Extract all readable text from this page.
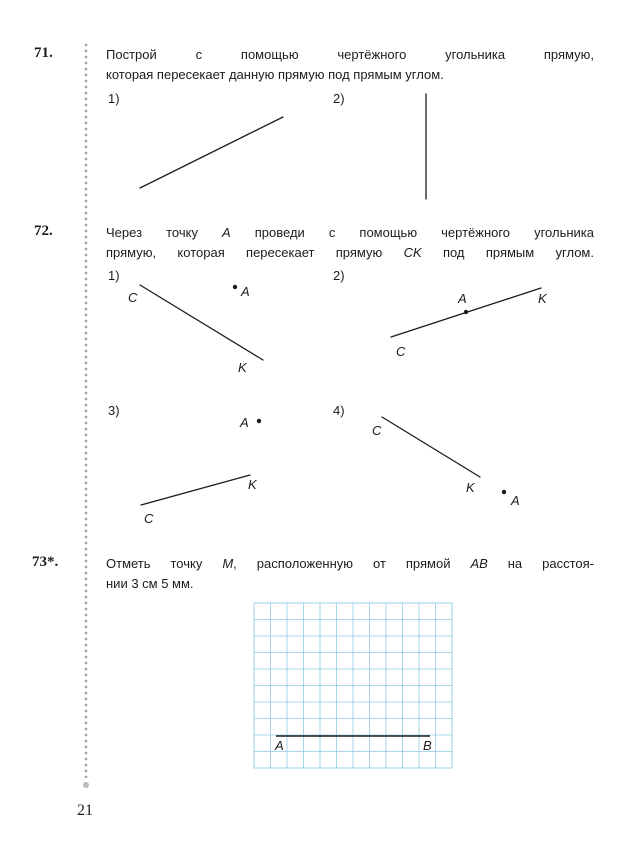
71.	Построй с помощью чертёжного угольника прямую,
которая пересекает данную прямую под прямым углом.
1)	2)
72.	Через точку A проведи с помощью чертёжного угольника
прямую, которая пересекает прямую CK под прямым углом.
1)	2)
3)	4)
C	A
K
A	K
C
A
K
C
C
K
A
73*.	Отметь точку M, расположенную от прямой AB на расстоя-
нии 3 см 5 мм.
A	B
21
